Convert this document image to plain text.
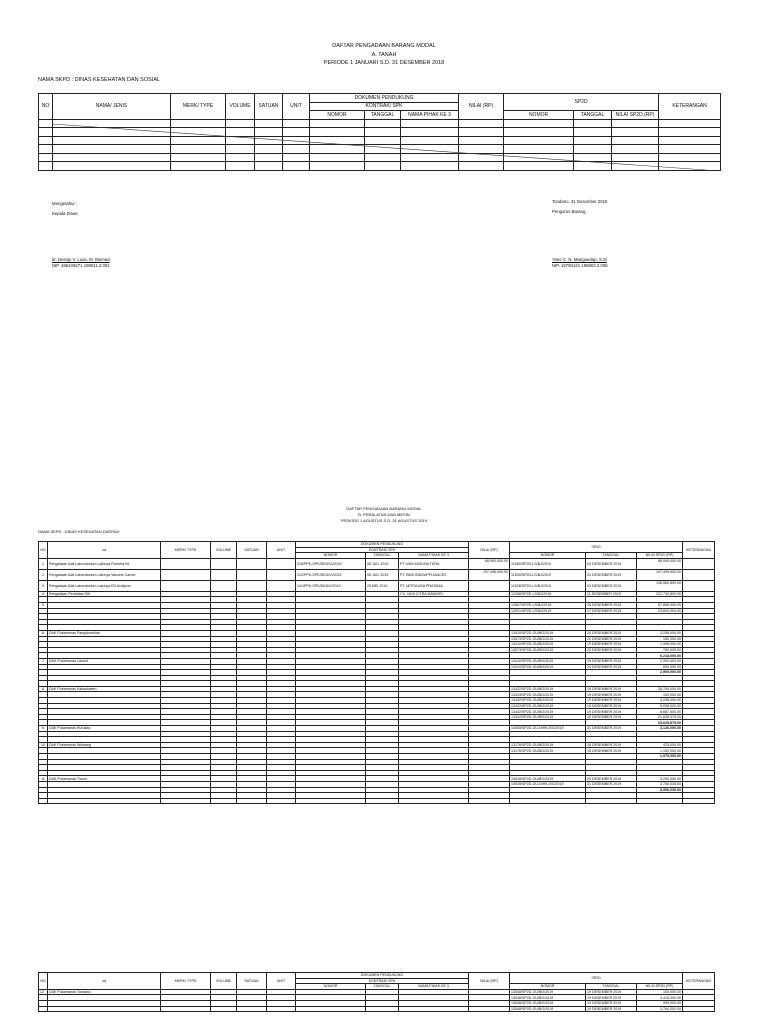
DAFTAR PENGADAAN BARANG MODAL
A. TANAH
PERIODE 1 JANUARI S.D. 31 DESEMBER 2018
NAMA SKPD : DINAS KESEHATAN DAN SOSIAL
NO	NAMA/ JENIS	MERK/ TYPE	VOLUME	SATUAN	UNIT	DOKUMEN PENDUKUNG			NILAI (RP)	SP2D			KETERANGAN
						KONTRAK/ SPK							
						NOMOR	TANGGAL	NAMA PIHAK KE 3		NOMOR	TANGGAL	NILAI SP2D (RP)	

Mengetahui :
Kepala Dinas
dr. Deesje V. Luas, M. Biomed
NIP. 196109271 198011.2.001
Tondano, 31 Desember 2018
Pengurus Barang,
Yane C. N. Manguedap, S.Si
NIP. 19750121 199803.2.006
DAFTAR PENGADAAN BARANG MODAL
B. PERALATAN DAN MESIN
PERIODE 1 AGUSTUS S.D. 31 AGUSTUS 2019
NAMA SKPD : DINAS KESEHATAN DAERAH
NO	na	MERK/ TYPE	VOLUME	SATUAN	UNIT	DOKUMEN PENDUKUNG			NILAI (RP)	SP2D			KETERANGAN
						KONTRAK/ SPK							
						NOMOR	TANGGAL	NAMA PIHAK KE 3		NOMOR	TANGGAL	NILAI SP2D (RP)	
1	Pengadaan Alat Laboratorium Lainnya Pocketa Kit					016/PPK-SPK/DKD/VI/2019	08 JULI 2019	PT IVAN MIGUNA TERA	68,990,000.00	11960/SP2D-LS/BJ/2019	03 DESEMBER 2019	68,990,000.00	
2	Pengadaan Alat Laboratorium Lainnya Vaccine Carrier					012/PPK-SPK/DKD/VI/2019	08 JULI 2019	PT. BMS INDOAPPLIANCES	197,495,900.00	11509/SP2D-LS/BJ/2019	03 DESEMBER 2019	197,495,900.00	
3	Pengadaan Alat Laboratorium Lainnya ED Analyzer					141/PPK-SPK/DKD/V/2019	29 MEI 2019	PT. MITRA ASA PRATAMA		11528/SP2D-LS/BJ/2019	03 DESEMBER 2019	196,560,899.00	
4	Pengadaan Peralatan SIK							CV. JAYA CITRA MANDIRI		12286/SP2D-LS/BJ/2019	11 DESEMBER 2019	222,730,800.00	

5										12807/SP2D-LS/BJ/2019	16 DESEMBER 2019	87,896,000.00	
										12931/SP2D-LS/BJ/2019	17 DESEMBER 2019	23,600,000.00	

6	DAK Puskesmas Pangolombian									13410/SP2D-GU/BO/2019	20 DESEMBER 2019	3,258,000.00	
										13573/SP2D-GU/BO/2019	20 DESEMBER 2019	150,000.00	
										13410/SP2D-GU/BO/2019	19 DESEMBER 2019	1,998,000.00	
										13573/SP2D-GU/BO/2019	20 DESEMBER 2019	780,000.00	
												6,218,000.00	
7	DAK Puskesmas Lansot									13410/SP2D-GU/BO/2019	19 DESEMBER 2019	2,300,000.00	
										13410/SP2D-GU/BO/2019	20 DESEMBER 2019	600,000.00	
												2,900,000.00	

8	DAK Puskesmas Kakaskasen									13432/SP2D-GU/BO/2019	19 DESEMBER 2019	26,700,000.00	
										13433/SP2D-GU/BO/2019	19 DESEMBER 2019	150,000.00	
										13432/SP2D-GU/BO/2019	19 DESEMBER 2019	3,238,000.00	
										13432/SP2D-GU/BO/2019	19 DESEMBER 2019	5,098,000.00	
										13432/SP2D-GU/BO/2019	19 DESEMBER 2019	6,687,500.00	
										13432/SP2D-GU/BO/2019	19 DESEMBER 2019	21,638,375.00	
												63,625,875.00	
9	DAK Puskesmas Rurukan									14005/SP2D-GU-NIHIL/SG/2019	31 DESEMBER 2019	3,126,000.00	

10	DAK Puskesmas Wolaang									13176/SP2D-GU/BO/2019	18 DESEMBER 2019	425,000.00	
										13176/SP2D-GU/BO/2019	18 DESEMBER 2019	1,150,000.00	
												1,575,000.00	

11	DAK Puskesmas Tinoor									14418/SP2D-GU/BO/2019	20 DESEMBER 2019	5,250,000.00	
										14928/SP2D-GU-NIHIL/SG/2019	31 DESEMBER 2019	3,706,035.00	
												8,956,035.00	

NO	na	MERK/ TYPE	VOLUME	SATUAN	UNIT	DOKUMEN PENDUKUNG			NILAI (RP)	SP2D			KETERANGAN
						KONTRAK/ SPK							
						NOMOR	TANGGAL	NAMA PIHAK KE 3		NOMOR	TANGGAL	NILAI SP2D (RP)	
12	DAK Puskesmas Tandano									13548/SP2D-GU/BO/2019	19 DESEMBER 2019	150,000.00	
										13548/SP2D-GU/BO/2019	19 DESEMBER 2019	4,416,000.00	
										13548/SP2D-GU/BO/2019	19 DESEMBER 2019	999,000.00	
										13548/SP2D-GU/BO/2019	19 DESEMBER 2019	3,764,000.00	
